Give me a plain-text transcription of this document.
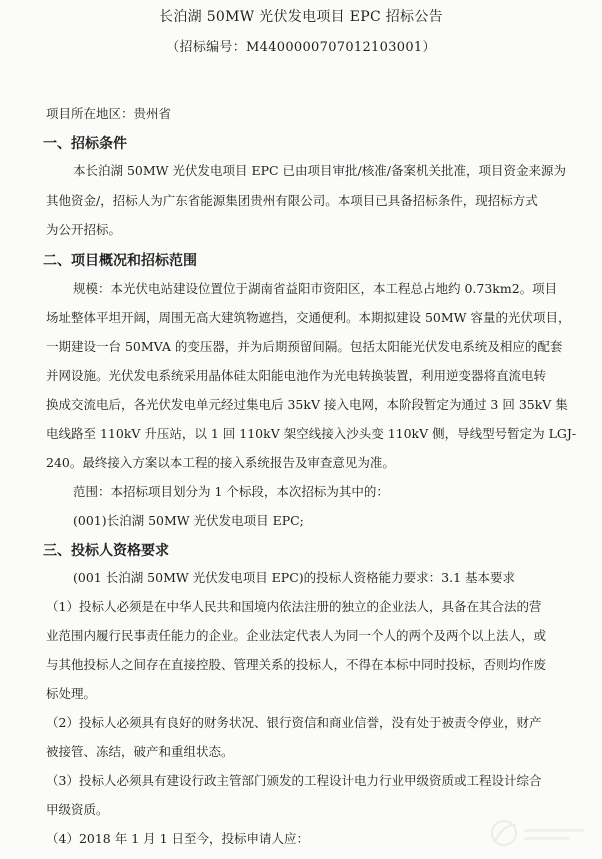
长泊湖 50MW 光伏发电项目 EPC 招标公告
（招标编号：M4400000707012103001）
项目所在地区：贵州省
一、招标条件
本长泊湖 50MW 光伏发电项目 EPC 已由项目审批/核准/备案机关批准，项目资金来源为
其他资金/，招标人为广东省能源集团贵州有限公司。本项目已具备招标条件，现招标方式
为公开招标。
二、项目概况和招标范围
规模：本光伏电站建设位置位于湖南省益阳市资阳区，本工程总占地约 0.73km2。项目
场址整体平坦开阔，周围无高大建筑物遮挡，交通便利。本期拟建设 50MW 容量的光伏项目，
一期建设一台 50MVA 的变压器，并为后期预留间隔。包括太阳能光伏发电系统及相应的配套
并网设施。光伏发电系统采用晶体硅太阳能电池作为光电转换装置，利用逆变器将直流电转
换成交流电后，各光伏发电单元经过集电后 35kV 接入电网，本阶段暂定为通过 3 回 35kV 集
电线路至 110kV 升压站，以 1 回 110kV 架空线接入沙头变 110kV 侧，导线型号暂定为 LGJ-
240。最终接入方案以本工程的接入系统报告及审查意见为准。
范围：本招标项目划分为 1 个标段，本次招标为其中的：
(001)长泊湖 50MW 光伏发电项目 EPC;
三、投标人资格要求
(001 长泊湖 50MW 光伏发电项目 EPC)的投标人资格能力要求：3.1 基本要求
（1）投标人必须是在中华人民共和国境内依法注册的独立的企业法人，具备在其合法的营
业范围内履行民事责任能力的企业。企业法定代表人为同一个人的两个及两个以上法人，或
与其他投标人之间存在直接控股、管理关系的投标人，不得在本标中同时投标，否则均作废
标处理。
（2）投标人必须具有良好的财务状况、银行资信和商业信誉，没有处于被责令停业，财产
被接管、冻结，破产和重组状态。
（3）投标人必须具有建设行政主管部门颁发的工程设计电力行业甲级资质或工程设计综合
甲级资质。
（4）2018 年 1 月 1 日至今，投标申请人应：
